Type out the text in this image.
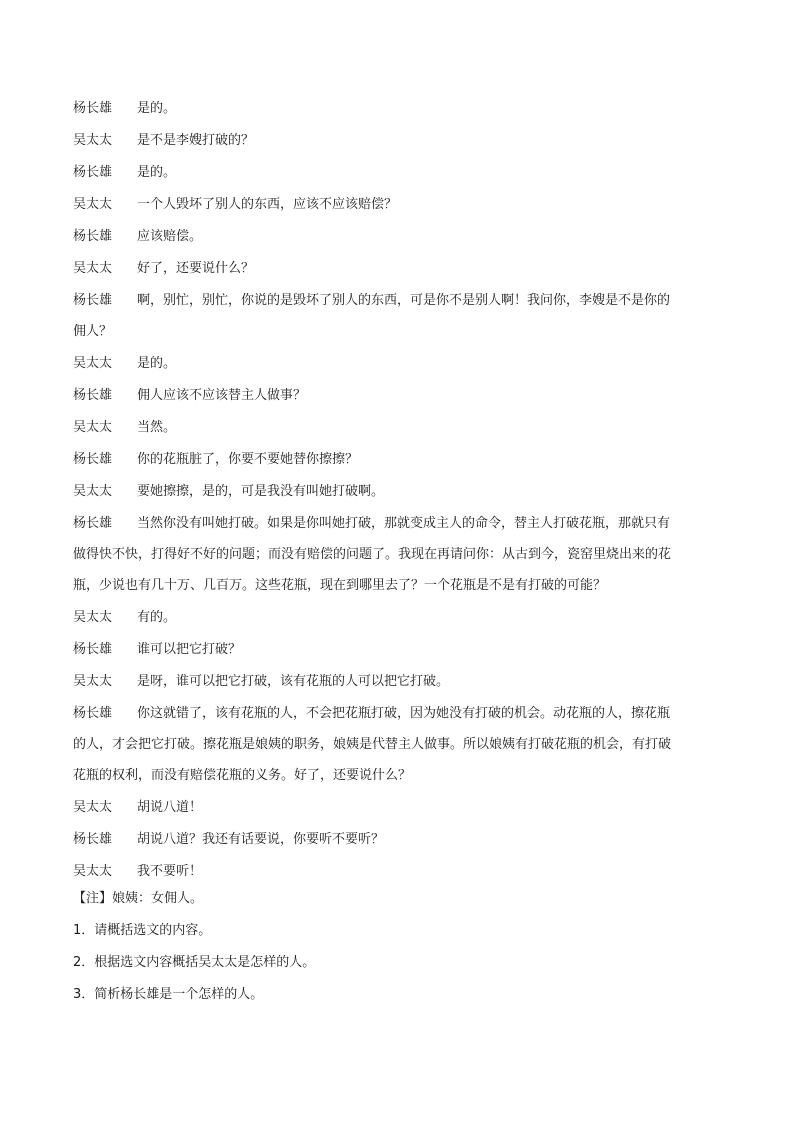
杨长雄 是的。
吴太太 是不是李嫂打破的？
杨长雄 是的。
吴太太 一个人毁坏了别人的东西，应该不应该赔偿？
杨长雄 应该赔偿。
吴太太 好了，还要说什么？
杨长雄 啊，别忙，别忙，你说的是毁坏了别人的东西，可是你不是别人啊！我问你，李嫂是不是你的
佣人？
吴太太 是的。
杨长雄 佣人应该不应该替主人做事？
吴太太 当然。
杨长雄 你的花瓶脏了，你要不要她替你擦擦？
吴太太 要她擦擦，是的，可是我没有叫她打破啊。
杨长雄 当然你没有叫她打破。如果是你叫她打破，那就变成主人的命令，替主人打破花瓶，那就只有
做得快不快，打得好不好的问题；而没有赔偿的问题了。我现在再请问你：从古到今，瓷窑里烧出来的花
瓶，少说也有几十万、几百万。这些花瓶，现在到哪里去了？一个花瓶是不是有打破的可能？
吴太太 有的。
杨长雄 谁可以把它打破？
吴太太 是呀，谁可以把它打破，该有花瓶的人可以把它打破。
杨长雄 你这就错了，该有花瓶的人，不会把花瓶打破，因为她没有打破的机会。动花瓶的人，擦花瓶
的人，才会把它打破。擦花瓶是娘姨的职务，娘姨是代替主人做事。所以娘姨有打破花瓶的机会，有打破
花瓶的权利，而没有赔偿花瓶的义务。好了，还要说什么？
吴太太 胡说八道！
杨长雄 胡说八道？我还有话要说，你要听不要听？
吴太太 我不要听！
【注】娘姨：女佣人。
1．请概括选文的内容。
2．根据选文内容概括吴太太是怎样的人。
3．简析杨长雄是一个怎样的人。
